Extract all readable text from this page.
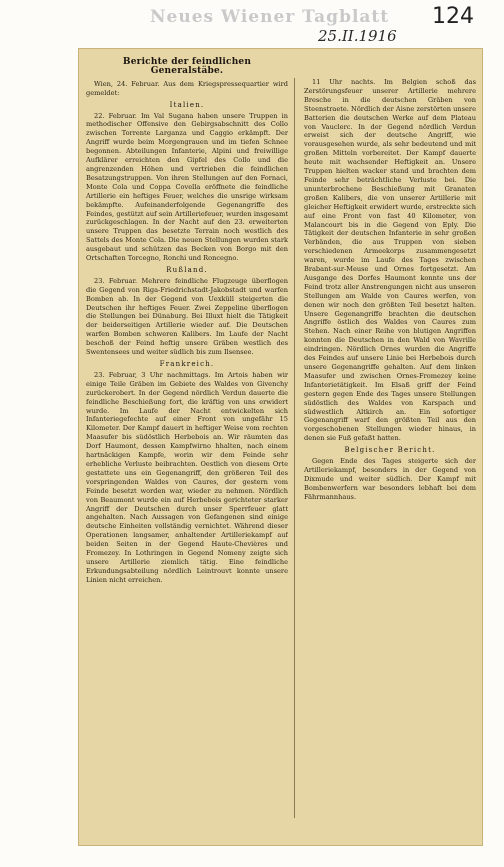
Neues Wiener Tagblatt 124
25.II.1916
Berichte der feindlichen Generalstäbe.

Wien, 24. Februar. Aus dem Kriegspressequartier wird gemeldet:

Italien.

22. Februar. Im Val Sugana haben unsere Truppen in methodischer Offensive den Gebirgsabschnitt des Collo zwischen Torrente Larganza und Caggio erkämpft. Der Angriff wurde beim Morgengrauen und im tiefen Schnee begonnen. Abteilungen Infanterie, Alpini und freiwillige Aufklärer erreichten den Gipfel des Collo und die angrenzenden Höhen und vertrieben die feindlichen Besatzungstruppen. Von ihren Stellungen auf den Fornaci, Monte Cola und Coppa Covella eröffnete die feindliche Artillerie ein heftiges Feuer, welches die unsrige wirksam bekämpfte. Aufeinanderfolgende Gegenangriffe des Feindes, gestützt auf sein Artilleriefeuer, wurden insgesamt zurückgeschlagen. In der Nacht auf den 23. erweiterten unsere Truppen das besetzte Terrain noch westlich des Sattels des Monte Cola. Die neuen Stellungen wurden stark ausgebaut und schützen das Becken von Borgo mit den Ortschaften Torcegno, Ronchi und Roncegno.

Rußland.

23. Februar. Mehrere feindliche Flugzeuge überflogen die Gegend von Riga-Friedrichstadt-Jakobstadt und warfen Bomben ab. In der Gegend von Uexküll steigerten die Deutschen ihr heftiges Feuer. Zwei Zeppeline überflogen die Stellungen bei Dünaburg. Bei Illuxt hielt die Tätigkeit der beiderseitigen Artillerie wieder auf. Die Deutschen warfen Bomben schweren Kalibers. Im Laufe der Nacht beschoß der Feind heftig unsere Gräben westlich des Swentensees und weiter südlich bis zum Ilsensee.

Frankreich.

23. Februar, 3 Uhr nachmittags. Im Artois haben wir einige Teile Gräben im Gebiete des Waldes von Givenchy zurückerobert. In der Gegend nördlich Verdun dauerte die feindliche Beschießung fort, die kräftig von uns erwidert wurde. Im Laufe der Nacht entwickelten sich Infanteriegefechte auf einer Front von ungefähr 15 Kilometer. Der Kampf dauert in heftiger Weise vom rechten Maasufer bis südöstlich Herbebois an. Wir räumten das Dorf Haumont, dessen Kampfwirno hhalten, nach einem hartnäckigen Kampfe, worin wir dem Feinde sehr erhebliche Verluste beibrachten. Oestlich von diesem Orte gestattete uns ein Gegenangriff, den größeren Teil des vorspringenden Waldes von Caures, der gestern vom Feinde besetzt worden war, wieder zu nehmen. Nördlich von Beaumont wurde ein auf Herbebois gerichteter starker Angriff der Deutschen durch unser Sperrfeuer glatt angehalten. Nach Aussagen von Gefangenen sind einige deutsche Einheiten vollständig vernichtet. Während dieser Operationen langsamer, anhaltender Artilleriekampf auf beiden Seiten in der Gegend Haute-Chevières und Fromezey. In Lothringen in Gegend Nomeny zeigte sich unsere Artillerie ziemlich tätig. Eine feindliche Erkundungsabteilung nördlich Leintrouvt konnte unsere Linien nicht erreichen.

11 Uhr nachts. Im Belgien schoß das Zerstörungsfeuer unserer Artillerie mehrere Bresche in die deutschen Gräben von Steenstraete. Nördlich der Aisne zerstörten unsere Batterien die deutschen Werke auf dem Plateau von Vauclerc. In der Gegend nördlich Verdun erweist sich der deutsche Angriff, wie vorausgesehen wurde, als sehr bedeutend und mit großen Mitteln vorbereitet. Der Kampf dauerte heute mit wachsender Heftigkeit an. Unsere Truppen hielten wacker stand und brachten dem Feinde sehr beträchtliche Verluste bei. Die ununterbrochene Beschießung mit Granaten großen Kalibers, die von unserer Artillerie mit gleicher Heftigkeit erwidert wurde, erstreckte sich auf eine Front von fast 40 Kilometer, von Malancourt bis in die Gegend von Eply. Die Tätigkeit der deutschen Infanterie in sehr großen Verbänden, die aus Truppen von sieben verschiedenen Armeekorps zusammengesetzt waren, wurde im Laufe des Tages zwischen Brabant-sur-Meuse und Ornes fortgesetzt. Am Ausgange des Dorfes Haumont konnte uns der Feind trotz aller Anstrengungen nicht aus unseren Stellungen am Walde von Caures werfen, von denen wir noch den größten Teil besetzt halten. Unsere Gegenangriffe brachten die deutschen Angriffe östlich des Waldes von Caures zum Stehen. Nach einer Reihe von blutigen Angriffen konnten die Deutschen in den Wald von Wavrille eindringen. Nördlich Ornes wurden die Angriffe des Feindes auf unsere Linie bei Herbebois durch unsere Gegenangriffe gehalten. Auf dem linken Maasufer und zwischen Ornes-Fromezey keine Infanterietätigkeit. Im Elsaß griff der Feind gestern gegen Ende des Tages unsere Stellungen südöstlich des Waldes von Karspach und südwestlich Altkirch an. Ein sofortiger Gegenangriff warf den größten Teil aus den vorgeschobenen Stellungen wieder hinaus, in denen sie Fuß gefaßt hatten.

Belgischer Bericht.

Gegen Ende des Tages steigerte sich der Artilleriekampf, besonders in der Gegend von Dixmude und weiter südlich. Der Kampf mit Bombenwerfern war besonders lebhaft bei dem Fährmannhaus.
